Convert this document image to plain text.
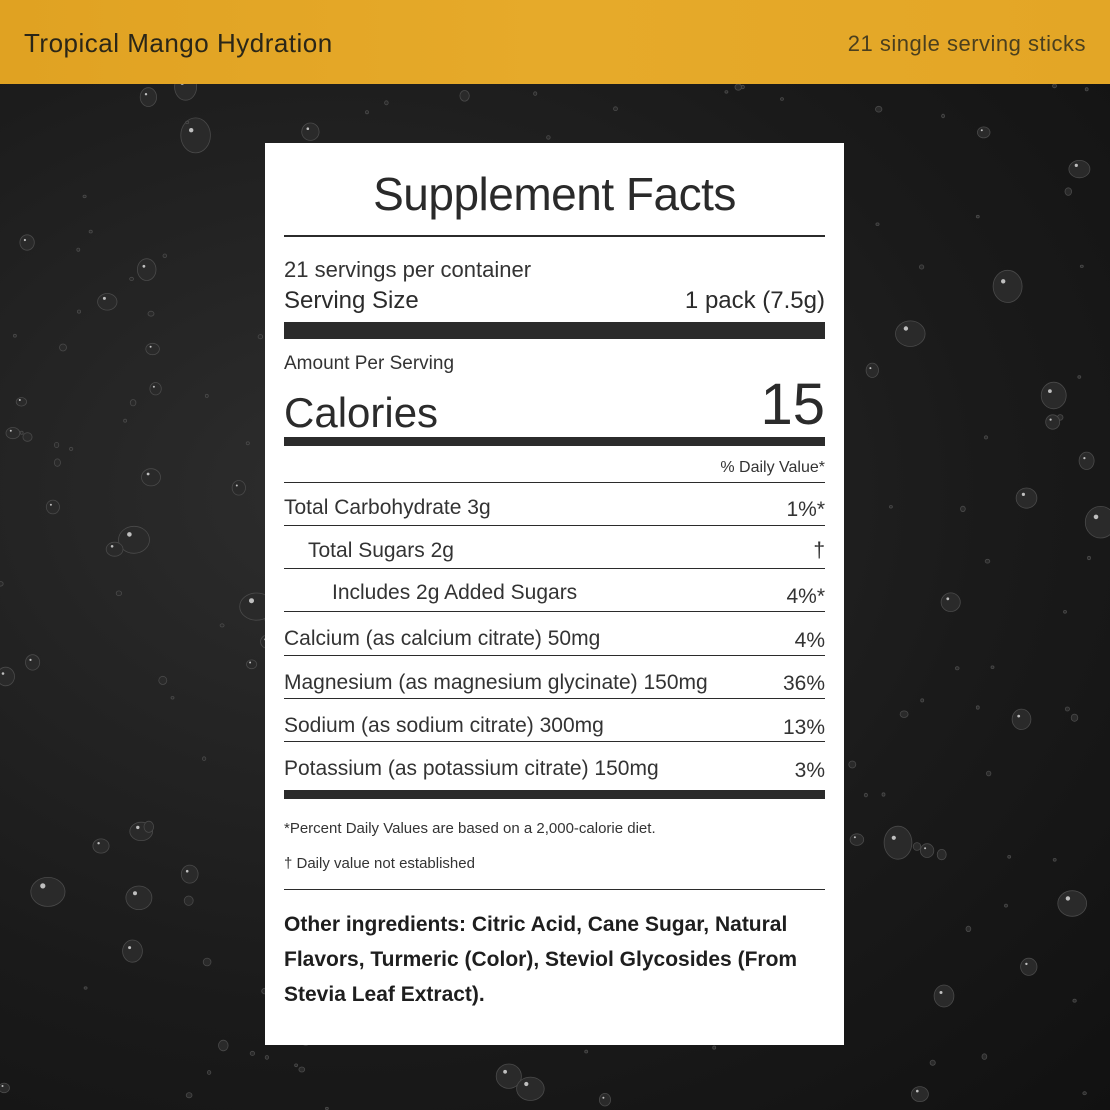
Tropical Mango Hydration	21 single serving sticks
Supplement Facts
21 servings per container
Serving Size	1 pack (7.5g)
Amount Per Serving
Calories	15
% Daily Value*
Total Carbohydrate 3g	1%*
Total Sugars 2g	†
Includes 2g Added Sugars	4%*
Calcium (as calcium citrate) 50mg	4%
Magnesium (as magnesium glycinate) 150mg	36%
Sodium (as sodium citrate) 300mg	13%
Potassium (as potassium citrate) 150mg	3%
*Percent Daily Values are based on a 2,000-calorie diet.
† Daily value not established
Other ingredients: Citric Acid, Cane Sugar, Natural Flavors, Turmeric (Color), Steviol Glycosides (From Stevia Leaf Extract).
